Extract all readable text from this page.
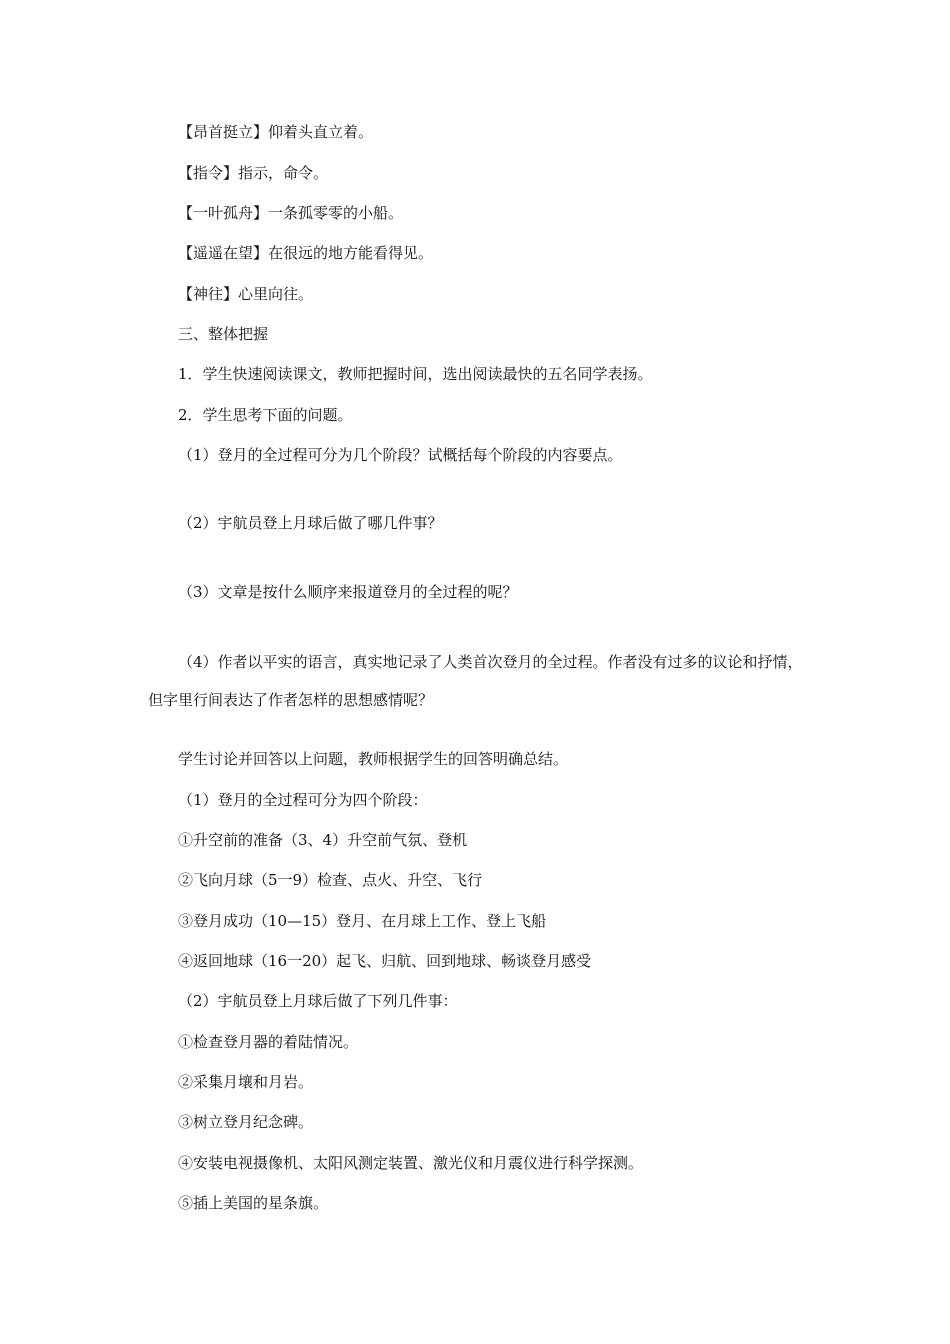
【昂首挺立】仰着头直立着。

【指令】指示，命令。

【一叶孤舟】一条孤零零的小船。

【遥遥在望】在很远的地方能看得见。

【神往】心里向往。

三、整体把握

1．学生快速阅读课文，教师把握时间，选出阅读最快的五名同学表扬。

2．学生思考下面的问题。

（1）登月的全过程可分为几个阶段？试概括每个阶段的内容要点。

（2）宇航员登上月球后做了哪几件事？

（3）文章是按什么顺序来报道登月的全过程的呢？

（4）作者以平实的语言，真实地记录了人类首次登月的全过程。作者没有过多的议论和抒情，但字里行间表达了作者怎样的思想感情呢？

学生讨论并回答以上问题，教师根据学生的回答明确总结。

（1）登月的全过程可分为四个阶段：

①升空前的准备（3、4）升空前气氛、登机

②飞向月球（5一9）检查、点火、升空、飞行

③登月成功（10—15）登月、在月球上工作、登上飞船

④返回地球（16一20）起飞、归航、回到地球、畅谈登月感受

（2）宇航员登上月球后做了下列几件事：

①检查登月器的着陆情况。

②采集月壤和月岩。

③树立登月纪念碑。

④安装电视摄像机、太阳风测定装置、激光仪和月震仪进行科学探测。

⑤插上美国的星条旗。
